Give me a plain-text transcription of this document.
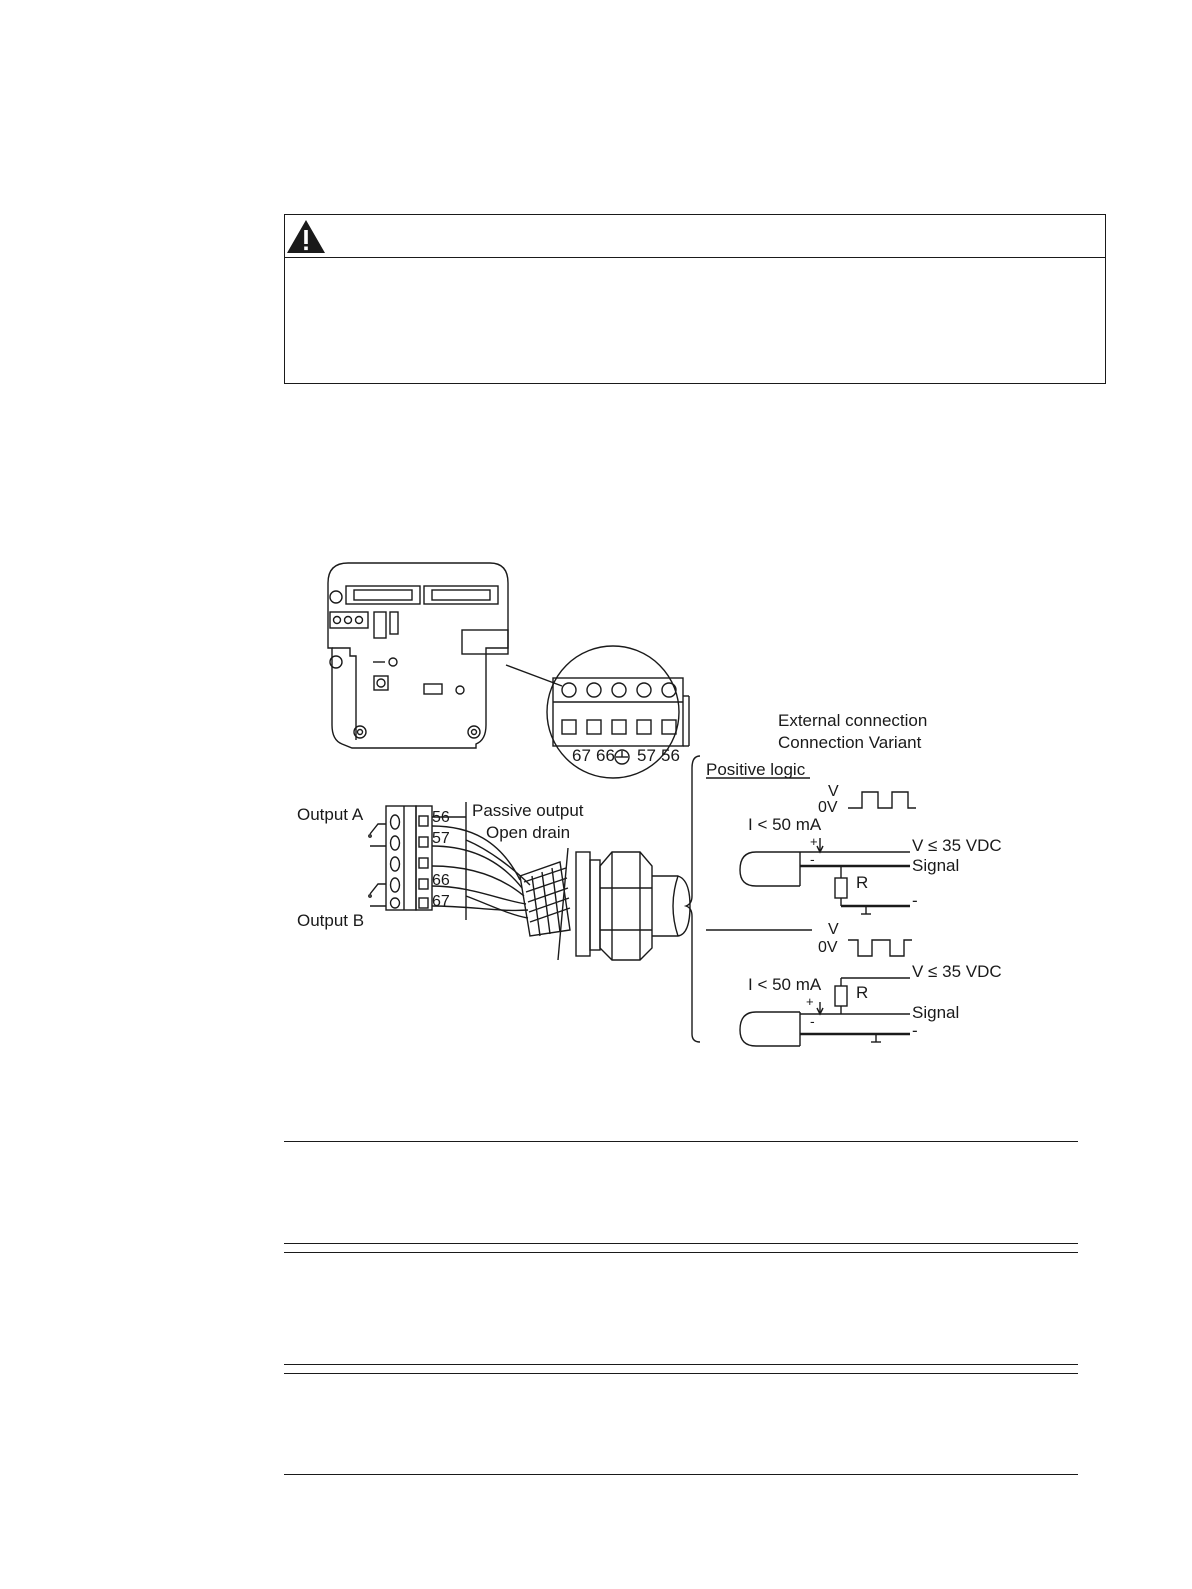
67 66 57 56
External connection
Connection Variant
Positive logic
Output A
Output B
Passive output
Open drain
56
57
66
67
V
0V
I < 50 mA
+
-
V ≤ 35 VDC
Signal
R
-
V
0V
I < 50 mA
+
-
V ≤ 35 VDC
R
Signal
-
